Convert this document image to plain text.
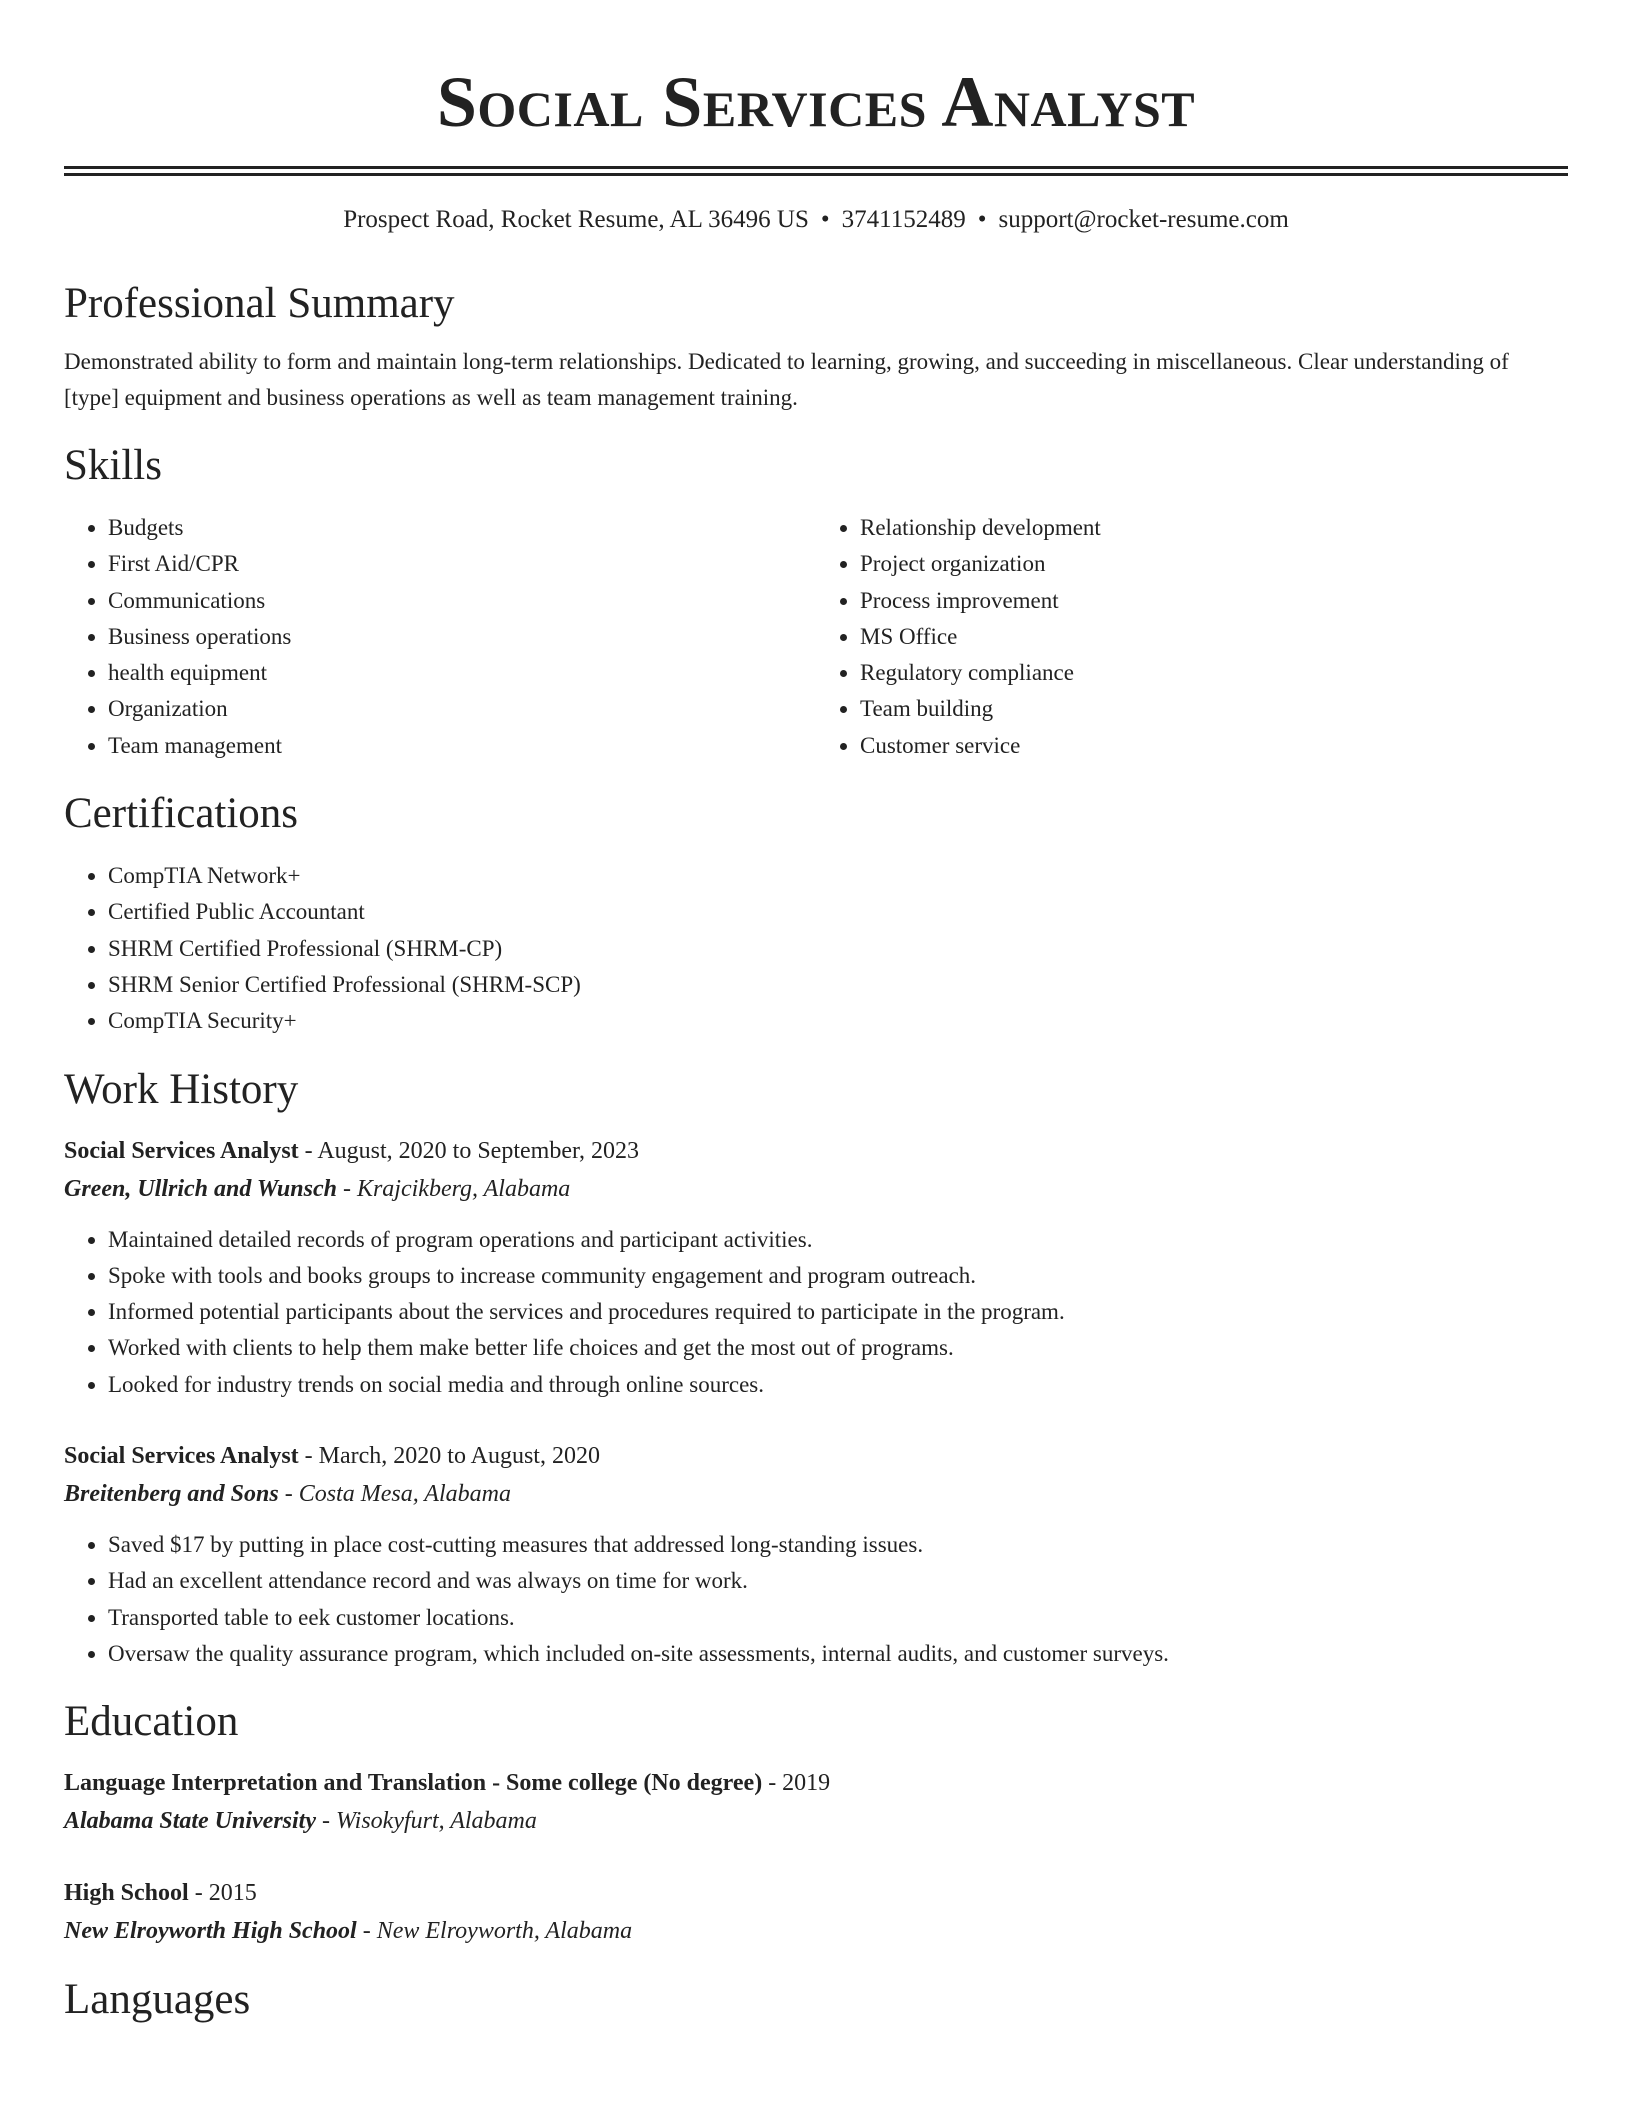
Social Services Analyst
Prospect Road, Rocket Resume, AL 36496 US • 3741152489 • support@rocket-resume.com
Professional Summary

Demonstrated ability to form and maintain long-term relationships. Dedicated to learning, growing, and succeeding in miscellaneous. Clear understanding of [type] equipment and business operations as well as team management training.

Skills
• Budgets
• First Aid/CPR
• Communications
• Business operations
• health equipment
• Organization
• Team management
• Relationship development
• Project organization
• Process improvement
• MS Office
• Regulatory compliance
• Team building
• Customer service
Certifications
• CompTIA Network+
• Certified Public Accountant
• SHRM Certified Professional (SHRM-CP)
• SHRM Senior Certified Professional (SHRM-SCP)
• CompTIA Security+
Work History
Social Services Analyst - August, 2020 to September, 2023
Green, Ullrich and Wunsch - Krajcikberg, Alabama
• Maintained detailed records of program operations and participant activities.
• Spoke with tools and books groups to increase community engagement and program outreach.
• Informed potential participants about the services and procedures required to participate in the program.
• Worked with clients to help them make better life choices and get the most out of programs.
• Looked for industry trends on social media and through online sources.
Social Services Analyst - March, 2020 to August, 2020
Breitenberg and Sons - Costa Mesa, Alabama
• Saved $17 by putting in place cost-cutting measures that addressed long-standing issues.
• Had an excellent attendance record and was always on time for work.
• Transported table to eek customer locations.
• Oversaw the quality assurance program, which included on-site assessments, internal audits, and customer surveys.
Education
Language Interpretation and Translation - Some college (No degree) - 2019
Alabama State University - Wisokyfurt, Alabama
High School - 2015
New Elroyworth High School - New Elroyworth, Alabama
Languages
